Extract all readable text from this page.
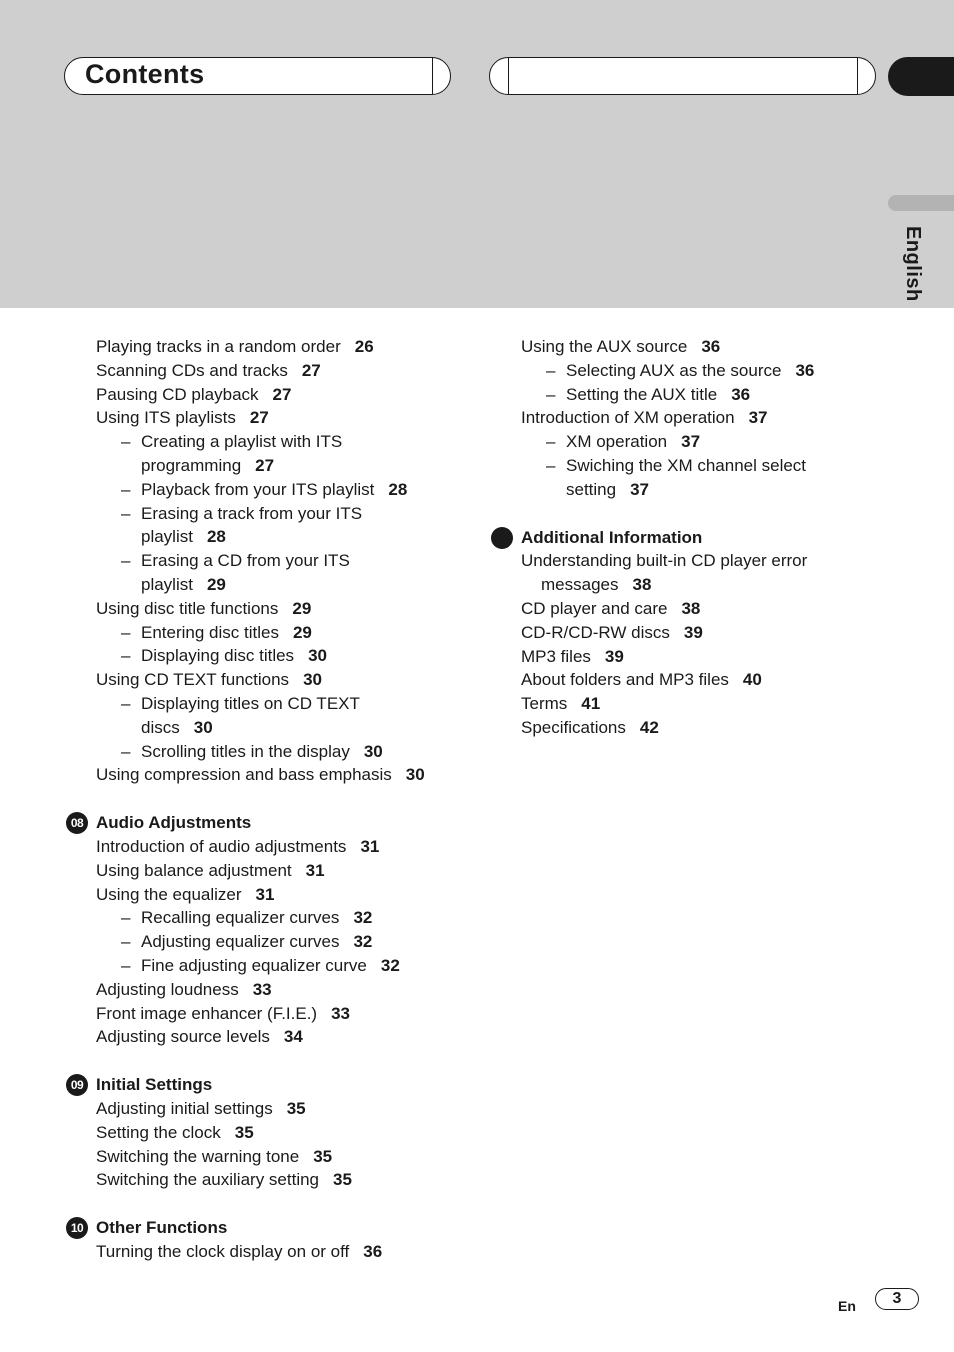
Contents
English
Playing tracks in a random order 26
Scanning CDs and tracks 27
Pausing CD playback 27
Using ITS playlists 27
– Creating a playlist with ITS
programming 27
– Playback from your ITS playlist 28
– Erasing a track from your ITS
playlist 28
– Erasing a CD from your ITS
playlist 29
Using disc title functions 29
– Entering disc titles 29
– Displaying disc titles 30
Using CD TEXT functions 30
– Displaying titles on CD TEXT
discs 30
– Scrolling titles in the display 30
Using compression and bass emphasis 30
08 Audio Adjustments
Introduction of audio adjustments 31
Using balance adjustment 31
Using the equalizer 31
– Recalling equalizer curves 32
– Adjusting equalizer curves 32
– Fine adjusting equalizer curve 32
Adjusting loudness 33
Front image enhancer (F.I.E.) 33
Adjusting source levels 34
09 Initial Settings
Adjusting initial settings 35
Setting the clock 35
Switching the warning tone 35
Switching the auxiliary setting 35
10 Other Functions
Turning the clock display on or off 36
Using the AUX source 36
– Selecting AUX as the source 36
– Setting the AUX title 36
Introduction of XM operation 37
– XM operation 37
– Swiching the XM channel select
setting 37
Additional Information
Understanding built-in CD player error
messages 38
CD player and care 38
CD-R/CD-RW discs 39
MP3 files 39
About folders and MP3 files 40
Terms 41
Specifications 42
En	3
